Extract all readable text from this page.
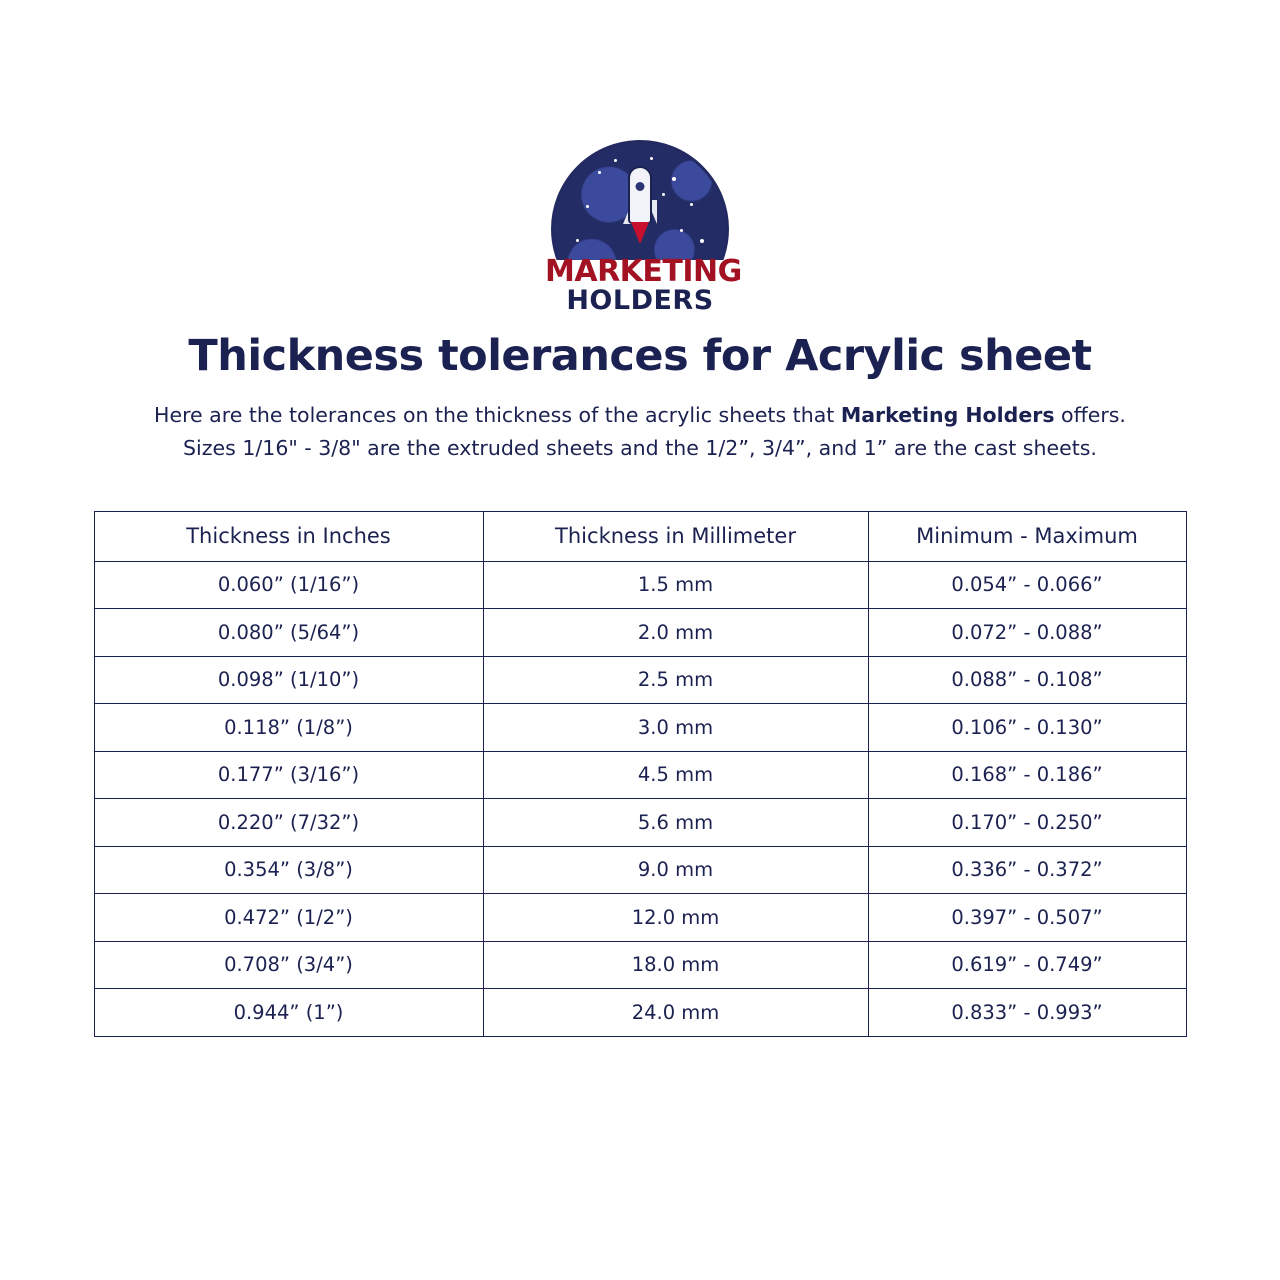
MARKETING
HOLDERS
Thickness tolerances for Acrylic sheet
Here are the tolerances on the thickness of the acrylic sheets that Marketing Holders offers.
Sizes 1/16" - 3/8" are the extruded sheets and the 1/2”, 3/4”, and 1” are the cast sheets.
Thickness in Inches	Thickness in Millimeter	Minimum - Maximum
0.060” (1/16”)	1.5 mm	0.054” - 0.066”
0.080” (5/64”)	2.0 mm	0.072” - 0.088”
0.098” (1/10”)	2.5 mm	0.088” - 0.108”
0.118” (1/8”)	3.0 mm	0.106” - 0.130”
0.177” (3/16”)	4.5 mm	0.168” - 0.186”
0.220” (7/32”)	5.6 mm	0.170” - 0.250”
0.354” (3/8”)	9.0 mm	0.336” - 0.372”
0.472” (1/2”)	12.0 mm	0.397” - 0.507”
0.708” (3/4”)	18.0 mm	0.619” - 0.749”
0.944” (1”)	24.0 mm	0.833” - 0.993”
